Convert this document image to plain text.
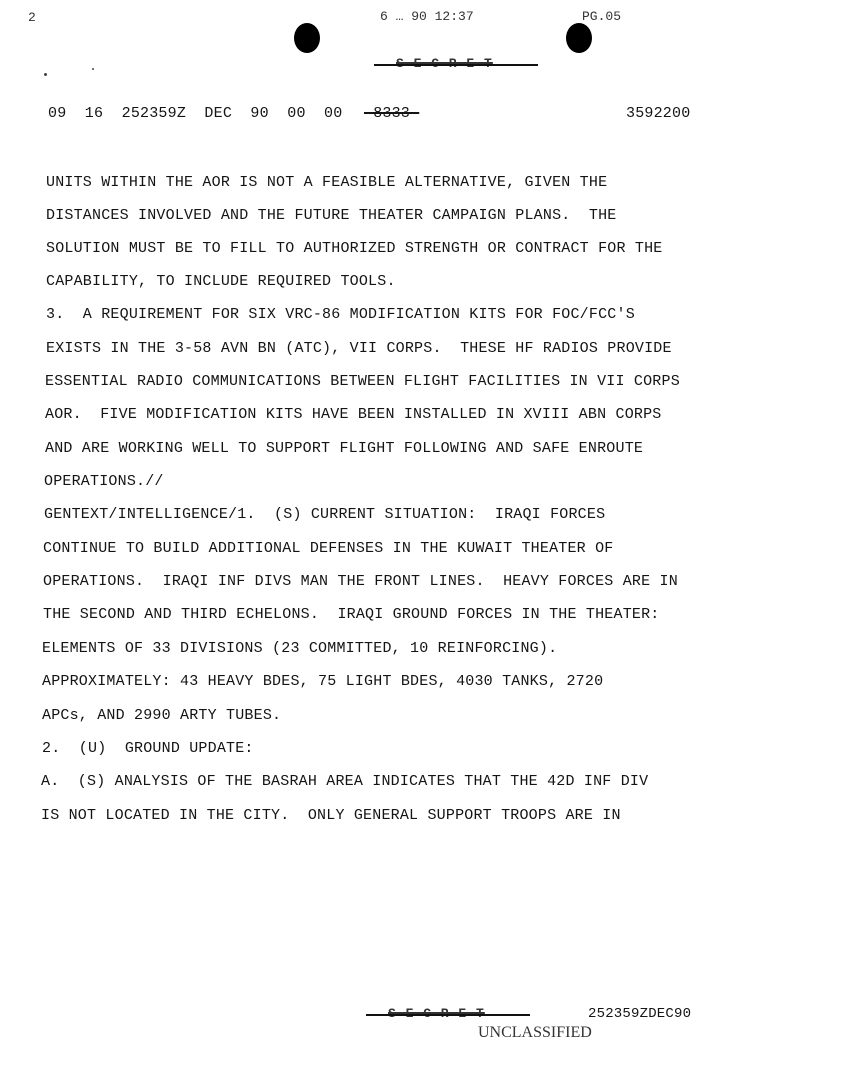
2	6 … 90 12:37	PG.05
09  16  252359Z  DEC  90  00  00 -8333-	3592200
UNITS WITHIN THE AOR IS NOT A FEASIBLE ALTERNATIVE, GIVEN THE
DISTANCES INVOLVED AND THE FUTURE THEATER CAMPAIGN PLANS.  THE
SOLUTION MUST BE TO FILL TO AUTHORIZED STRENGTH OR CONTRACT FOR THE
CAPABILITY, TO INCLUDE REQUIRED TOOLS.
3.  A REQUIREMENT FOR SIX VRC-86 MODIFICATION KITS FOR FOC/FCC'S
EXISTS IN THE 3-58 AVN BN (ATC), VII CORPS.  THESE HF RADIOS PROVIDE
ESSENTIAL RADIO COMMUNICATIONS BETWEEN FLIGHT FACILITIES IN VII CORPS
AOR.  FIVE MODIFICATION KITS HAVE BEEN INSTALLED IN XVIII ABN CORPS
AND ARE WORKING WELL TO SUPPORT FLIGHT FOLLOWING AND SAFE ENROUTE
OPERATIONS.//
GENTEXT/INTELLIGENCE/1.  (S) CURRENT SITUATION:  IRAQI FORCES
CONTINUE TO BUILD ADDITIONAL DEFENSES IN THE KUWAIT THEATER OF
OPERATIONS.  IRAQI INF DIVS MAN THE FRONT LINES.  HEAVY FORCES ARE IN
THE SECOND AND THIRD ECHELONS.  IRAQI GROUND FORCES IN THE THEATER:
ELEMENTS OF 33 DIVISIONS (23 COMMITTED, 10 REINFORCING).
APPROXIMATELY: 43 HEAVY BDES, 75 LIGHT BDES, 4030 TANKS, 2720
APCs, AND 2990 ARTY TUBES.
2.  (U)  GROUND UPDATE:
A.  (S) ANALYSIS OF THE BASRAH AREA INDICATES THAT THE 42D INF DIV
IS NOT LOCATED IN THE CITY.  ONLY GENERAL SUPPORT TROOPS ARE IN
252359ZDEC90
UNCLASSIFIED
